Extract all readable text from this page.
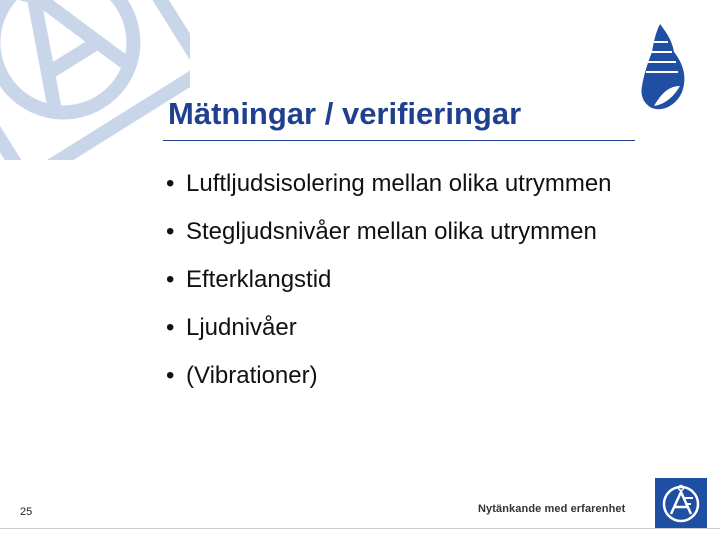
Mätningar / verifieringar
• Luftljudsisolering mellan olika utrymmen
• Stegljudsnivåer mellan olika utrymmen
• Efterklangstid
• Ljudnivåer
• (Vibrationer)
25	Nytänkande med erfarenhet
